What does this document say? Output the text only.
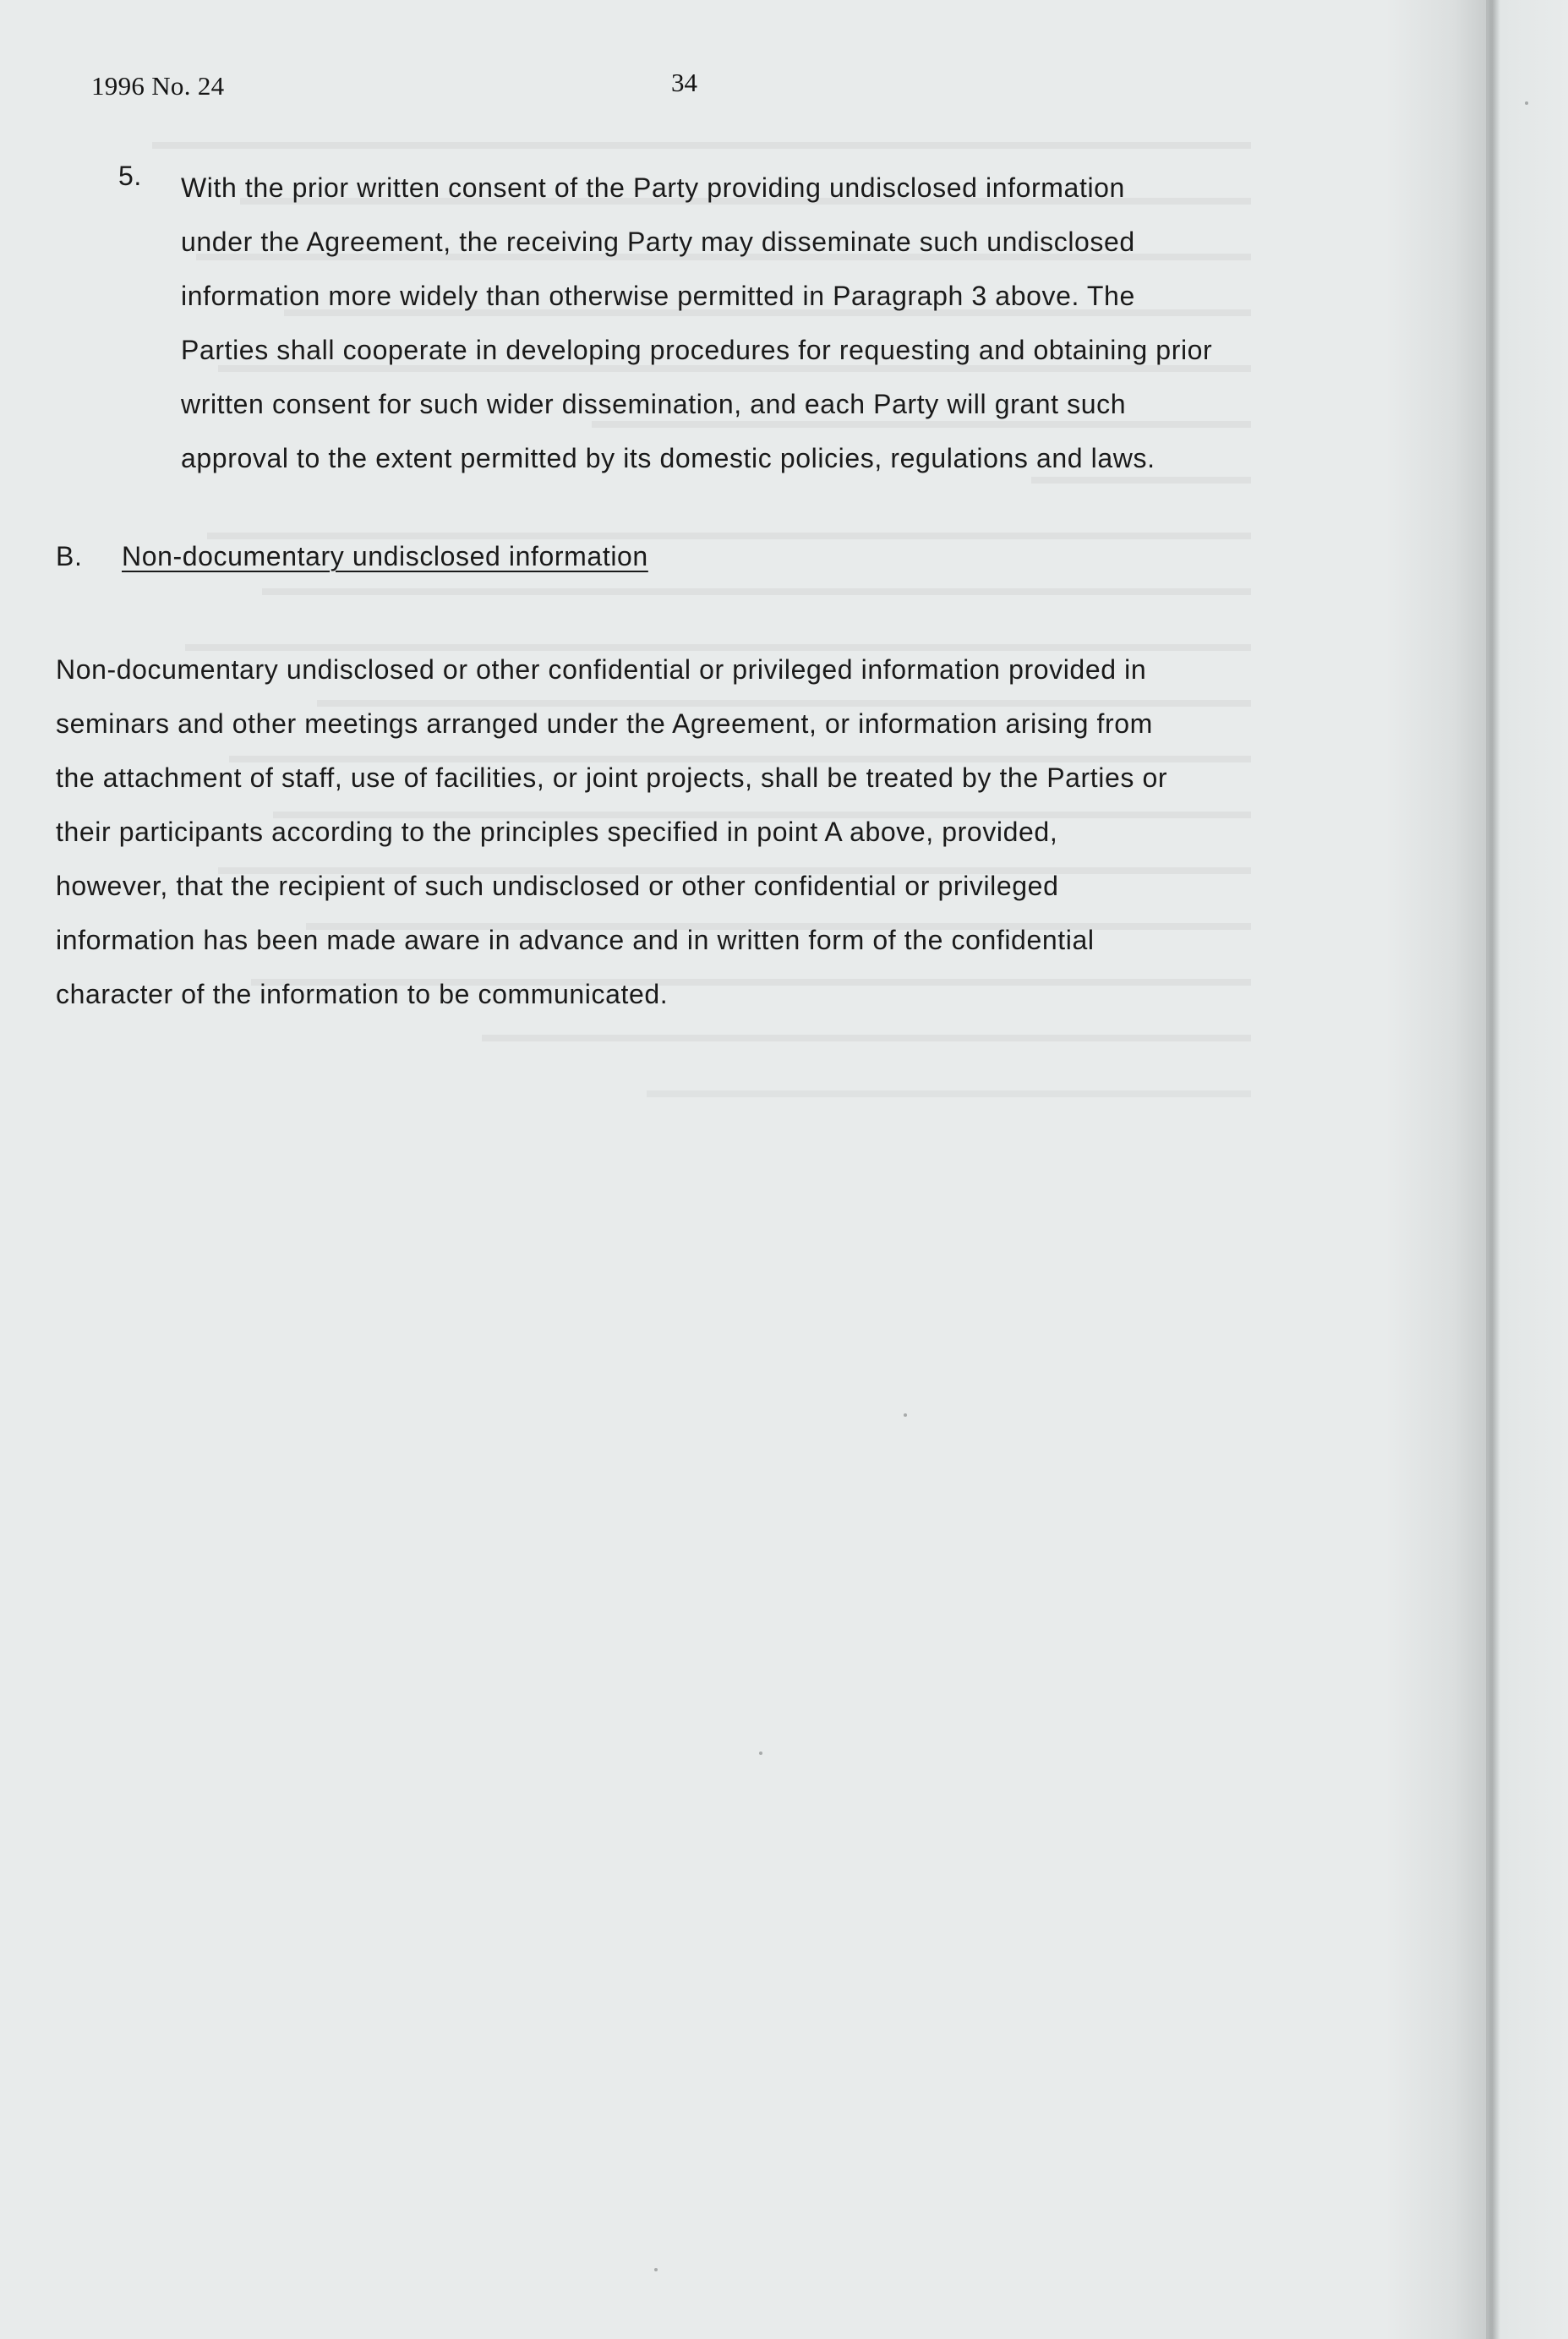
1996 No. 24	34
5. With the prior written consent of the Party providing undisclosed information
under the Agreement, the receiving Party may disseminate such undisclosed
information more widely than otherwise permitted in Paragraph 3 above. The
Parties shall cooperate in developing procedures for requesting and obtaining prior
written consent for such wider dissemination, and each Party will grant such
approval to the extent permitted by its domestic policies, regulations and laws.
B. Non-documentary undisclosed information
Non-documentary undisclosed or other confidential or privileged information provided in
seminars and other meetings arranged under the Agreement, or information arising from
the attachment of staff, use of facilities, or joint projects, shall be treated by the Parties or
their participants according to the principles specified in point A above, provided,
however, that the recipient of such undisclosed or other confidential or privileged
information has been made aware in advance and in written form of the confidential
character of the information to be communicated.
